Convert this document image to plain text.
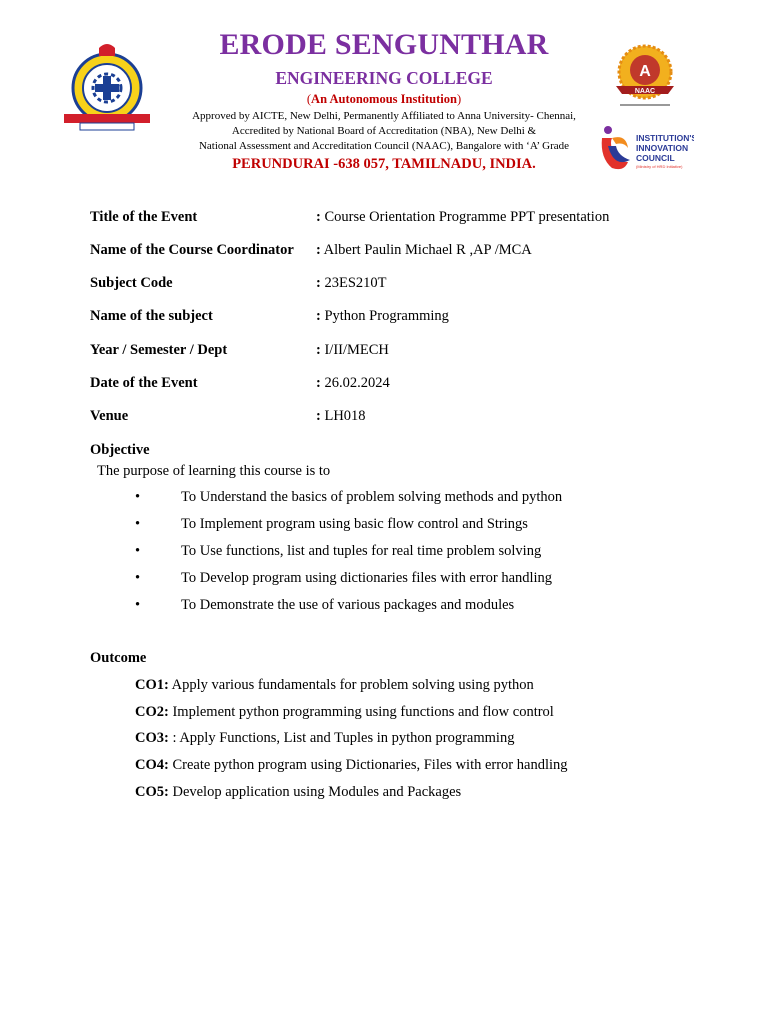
A
NAAC
INSTITUTION'S
INNOVATION
COUNCIL
(Ministry of HRD Initiative)
ERODE SENGUNTHAR
ENGINEERING COLLEGE
(An Autonomous Institution)
Approved by AICTE, New Delhi, Permanently Affiliated to Anna University- Chennai,
Accredited by National Board of Accreditation (NBA), New Delhi &
National Assessment and Accreditation Council (NAAC), Bangalore with ‘A’ Grade
PERUNDURAI -638 057, TAMILNADU, INDIA.
Title of the Event	: Course Orientation Programme PPT presentation
Name of the Course Coordinator : Albert Paulin Michael R ,AP /MCA
Subject Code	: 23ES210T
Name of the subject	: Python Programming
Year / Semester / Dept	: I/II/MECH
Date of the Event	: 26.02.2024
Venue	: LH018
Objective
The purpose of learning this course is to
•	To Understand the basics of problem solving methods and python
•	To Implement program using basic flow control and Strings
•	To Use functions, list and tuples for real time problem solving
•	To Develop program using dictionaries files with error handling
•	To Demonstrate the use of various packages and modules
Outcome
CO1: Apply various fundamentals for problem solving using python
CO2: Implement python programming using functions and flow control
CO3: : Apply Functions, List and Tuples in python programming
CO4: Create python program using Dictionaries, Files with error handling
CO5: Develop application using Modules and Packages
